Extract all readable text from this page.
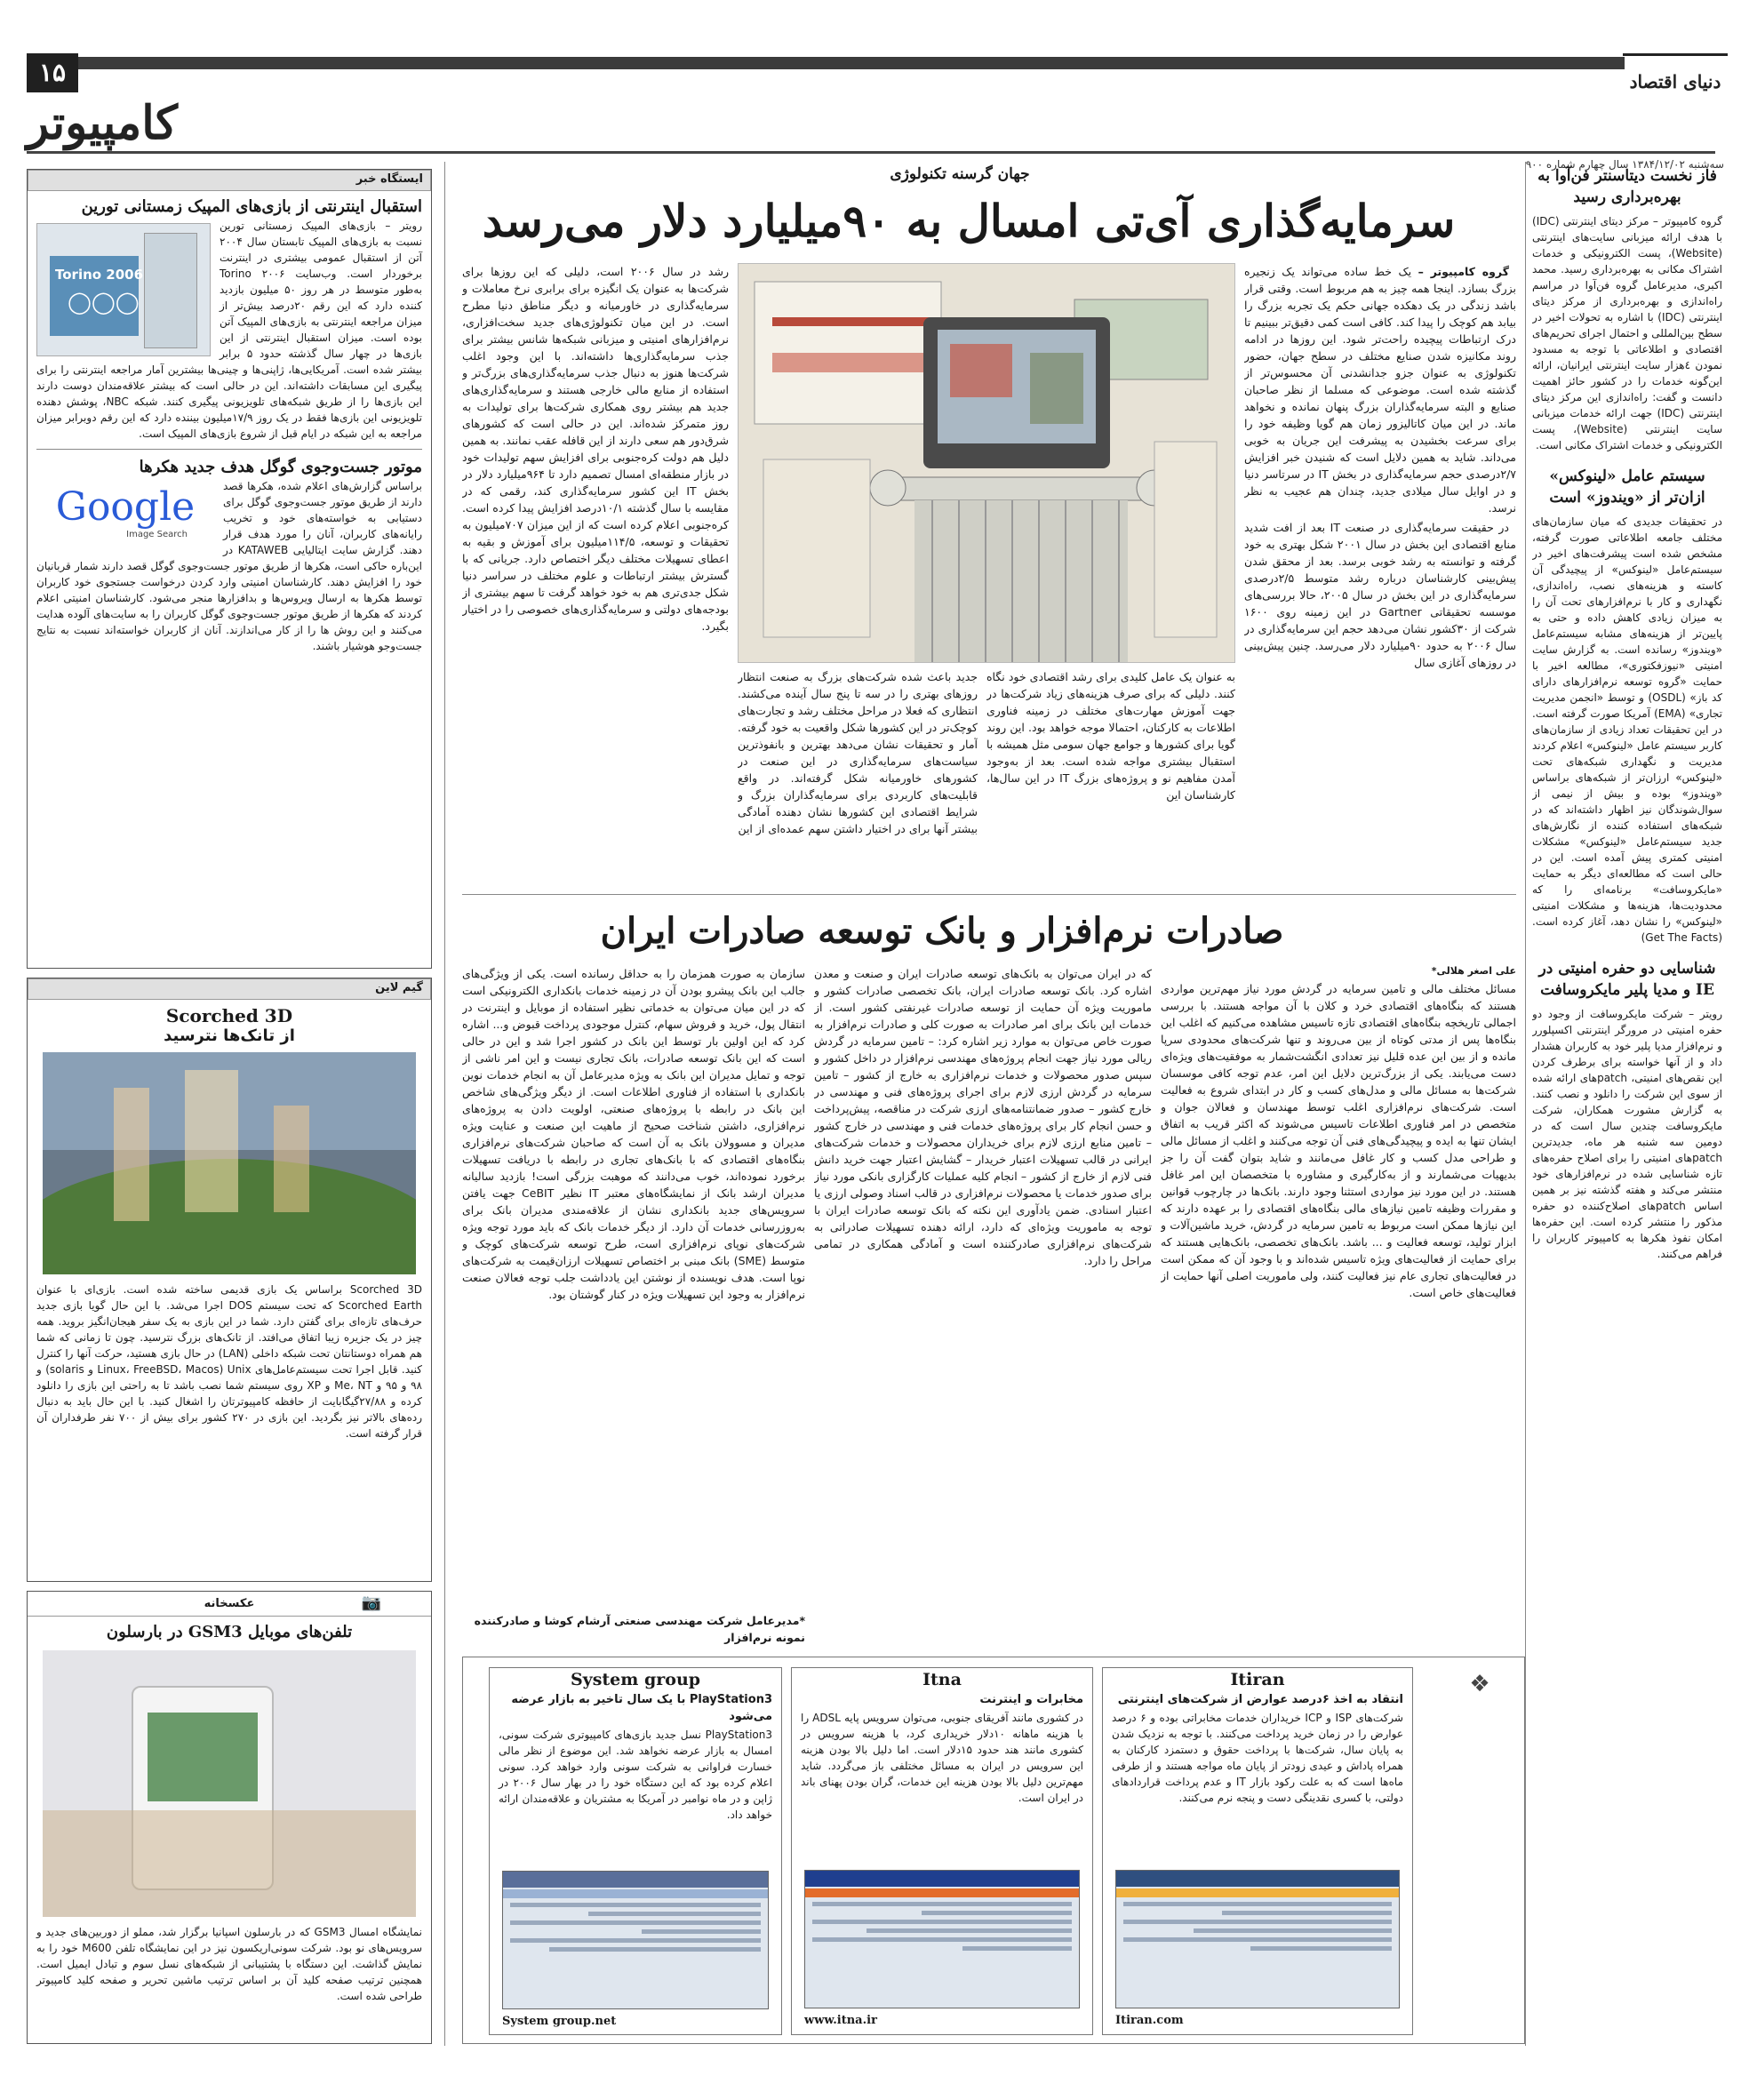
۱۵
کامپیوتر
دنیای اقتصاد
سه‌شنبه ۱۳۸۴/۱۲/۰۲ سال چهارم شماره ۹۰۰
فاز نخست دیتاسنتر فن‌آوا به بهره‌برداری رسید
گروه کامپیوتر – مرکز دیتای اینترنتی (IDC) با هدف ارائه میزبانی سایت‌های اینترنتی (Website)، پست الکترونیکی و خدمات اشتراک مکانی به بهره‌برداری رسید. محمد اکبری، مدیرعامل گروه فن‌آوا در مراسم راه‌اندازی و بهره‌برداری از مرکز دیتای اینترنتی (IDC) با اشاره به تحولات اخیر در سطح بین‌المللی و احتمال اجرای تحریم‌های اقتصادی و اطلاعاتی با توجه به مسدود نمودن ٤هزار سایت اینترنتی ایرانیان، ارائه این‌گونه خدمات را در کشور حائز اهمیت دانست و گفت: راه‌اندازی این مرکز دیتای اینترنتی (IDC) جهت ارائه خدمات میزبانی سایت اینترنتی (Website)، پست الکترونیکی و خدمات اشتراک مکانی است.
سیستم عامل «لینوکس» ازان‌تر از «ویندوز» است
در تحقیقات جدیدی که میان سازمان‌های مختلف جامعه اطلاعاتی صورت گرفته، مشخص شده است پیشرفت‌های اخیر در سیستم‌عامل «لینوکس» از پیچیدگی آن کاسته و هزینه‌های نصب، راه‌اندازی، نگهداری و کار با نرم‌افزارهای تحت آن را به میزان زیادی کاهش داده و حتی به پایین‌تر از هزینه‌های مشابه سیستم‌عامل «ویندوز» رسانده است. به گزارش سایت امنیتی «نیوزفکتوری»، مطالعه اخیر با حمایت «گروه توسعه نرم‌افزارهای دارای کد باز» (OSDL) و توسط «انجمن مدیریت تجاری» (EMA) آمریکا صورت گرفته است. در این تحقیقات تعداد زیادی از سازمان‌های کاربر سیستم عامل «لینوکس» اعلام کردند مدیریت و نگهداری شبکه‌های تحت «لینوکس» ارزان‌تر از شبکه‌های براساس «ویندوز» بوده و بیش از نیمی از سوال‌شوندگان نیز اظهار داشته‌اند که در شبکه‌های استفاده کننده از نگارش‌های جدید سیستم‌عامل «لینوکس» مشکلات امنیتی کمتری پیش آمده است. این در حالی است که مطالعه‌ای دیگر به حمایت «مایکروسافت» برنامه‌ای را که محدودیت‌ها، هزینه‌ها و مشکلات امنیتی «لینوکس» را نشان دهد، آغاز کرده است. (Get The Facts)
شناسایی دو حفره امنیتی در IE و مدیا پلیر مایکروسافت
رویتر – شرکت مایکروسافت از وجود دو حفره امنیتی در مرورگر اینترنتی اکسپلورر و نرم‌افزار مدیا پلیر خود به کاربران هشدار داد و از آنها خواسته برای برطرف کردن این نقص‌های امنیتی، patchهای ارائه شده از سوی این شرکت را دانلود و نصب کنند. به گزارش مشورت همکاران، شرکت مایکروسافت چندین سال است که در دومین سه شنبه هر ماه، جدیدترین patchهای امنیتی را برای اصلاح حفره‌های تازه شناسایی شده در نرم‌افزارهای خود منتشر می‌کند و هفته گذشته نیز بر همین اساس patchهای اصلاح‌کننده دو حفره مذکور را منتشر کرده است. این حفره‌ها امکان نفوذ هکرها به کامپیوتر کاربران را فراهم می‌کنند.
جهان گرسنه تکنولوژی
سرمایه‌گذاری آی‌تی امسال به ۹۰میلیارد دلار می‌رسد

گروه کامپیوتر – یک خط ساده می‌تواند یک زنجیره بزرگ بسازد. اینجا همه چیز به هم مربوط است. وقتی قرار باشد زندگی در یک دهکده جهانی حکم یک تجربه بزرگ را بیابد هم کوچک را پیدا کند. کافی است کمی دقیق‌تر ببینیم تا درک ارتباطات پیچیده راحت‌تر شود. این روزها در ادامه روند مکانیزه شدن صنایع مختلف در سطح جهان، حضور تکنولوژی به عنوان جزو جدانشدنی آن محسوس‌تر از گذشته شده است. موضوعی که مسلما از نظر صاحبان صنایع و البته سرمایه‌گذاران بزرگ پنهان نمانده و نخواهد ماند. در این میان کاتالیزور زمان هم گویا وظیفه خود را برای سرعت بخشیدن به پیشرفت این جریان به خوبی می‌داند. شاید به همین دلایل است که شنیدن خبر افزایش ۲/۷درصدی حجم سرمایه‌گذاری در بخش IT در سرتاسر دنیا و در اوایل سال میلادی جدید، چندان هم عجیب به نظر نرسد.

در حقیقت سرمایه‌گذاری در صنعت IT بعد از افت شدید منابع اقتصادی این بخش در سال ۲۰۰۱ شکل بهتری به خود گرفته و توانسته به رشد خوبی برسد. بعد از محقق شدن پیش‌بینی کارشناسان درباره رشد متوسط ۲/۵درصدی سرمایه‌گذاری در این بخش در سال ۲۰۰۵، حالا بررسی‌های موسسه تحقیقاتی Gartner در این زمینه روی ۱۶۰۰ شرکت از ۳۰کشور نشان می‌دهد حجم این سرمایه‌گذاری در سال ۲۰۰۶ به حدود ۹۰میلیارد دلار می‌رسد. چنین پیش‌بینی در روزهای آغازی سال

رشد در سال ۲۰۰۶ است، دلیلی که این روزها برای شرکت‌ها به عنوان یک انگیزه برای برابری نرخ معاملات و سرمایه‌گذاری در خاورمیانه و دیگر مناطق دنیا مطرح است. در این میان تکنولوژی‌های جدید سخت‌افزاری، نرم‌افزارهای امنیتی و میزبانی شبکه‌ها شانس بیشتر برای جذب سرمایه‌گذاری‌ها داشته‌اند. با این وجود اغلب شرکت‌ها هنوز به دنبال جذب سرمایه‌گذاری‌های بزرگ‌تر و استفاده از منابع مالی خارجی هستند و سرمایه‌گذاری‌های جدید هم بیشتر روی همکاری شرکت‌ها برای تولیدات به روز متمرکز شده‌اند. این در حالی است که کشورهای شرق‌دور هم سعی دارند از این قافله عقب نمانند. به همین دلیل هم دولت کره‌جنوبی برای افزایش سهم تولیدات خود در بازار منطقه‌ای امسال تصمیم دارد تا ۹۶۴میلیارد دلار در بخش IT این کشور سرمایه‌گذاری کند، رقمی که در مقایسه با سال گذشته ۱۰/۱درصد افزایش پیدا کرده است. کره‌جنوبی اعلام کرده است که از این میزان ۷۰۷میلیون به تحقیقات و توسعه، ۱۱۴/۵میلیون برای آموزش و بقیه به اعطای تسهیلات مختلف دیگر اختصاص دارد. جریانی که با گسترش بیشتر ارتباطات و علوم مختلف در سراسر دنیا شکل جدی‌تری هم به خود خواهد گرفت تا سهم بیشتری از بودجه‌های دولتی و سرمایه‌گذاری‌های خصوصی را در اختیار بگیرد.
به عنوان یک عامل کلیدی برای رشد اقتصادی خود نگاه کنند. دلیلی که برای صرف هزینه‌های زیاد شرکت‌ها در جهت آموزش مهارت‌های مختلف در زمینه فناوری اطلاعات به کارکنان، احتمالا موجه خواهد بود. این روند گویا برای کشورها و جوامع جهان سومی مثل همیشه با استقبال بیشتری مواجه شده است. بعد از به‌وجود آمدن مفاهیم نو و پروژه‌های بزرگ IT در این سال‌ها، کارشناسان این
جدید باعث شده شرکت‌های بزرگ به صنعت انتظار روزهای بهتری را در سه تا پنج سال آینده می‌کشند. انتظاری که فعلا در مراحل مختلف رشد و تجارت‌های کوچک‌تر در این کشورها شکل واقعیت به خود گرفته. آمار و تحقیقات نشان می‌دهد بهترین و بانفوذترین سیاست‌های سرمایه‌گذاری در این صنعت در کشورهای خاورمیانه شکل گرفته‌اند. در واقع قابلیت‌های کاربردی برای سرمایه‌گذاران بزرگ و شرایط اقتصادی این کشورها نشان دهنده آمادگی بیشتر آنها برای در اختیار داشتن سهم عمده‌ای از این
صادرات نرم‌افزار و بانک توسعه صادرات ایران
علی اصغر هلالی*
مسائل مختلف مالی و تامین سرمایه در گردش مورد نیاز مهم‌ترین مواردی هستند که بنگاه‌های اقتصادی خرد و کلان با آن مواجه هستند. با بررسی اجمالی تاریخچه بنگاه‌های اقتصادی تازه تاسیس مشاهده می‌کنیم که اغلب این بنگاه‌ها پس از مدتی کوتاه از بین می‌روند و تنها شرکت‌های محدودی سرپا مانده و از بین این عده قلیل نیز تعدادی انگشت‌شمار به موفقیت‌های ویژه‌ای دست می‌یابند. یکی از بزرگ‌ترین دلایل این امر، عدم توجه کافی موسسان شرکت‌ها به مسائل مالی و مدل‌های کسب و کار در ابتدای شروع به فعالیت است. شرکت‌های نرم‌افزاری اغلب توسط مهندسان و فعالان جوان و متخصص در امر فناوری اطلاعات تاسیس می‌شوند که اکثر قریب به اتفاق ایشان تنها به ایده و پیچیدگی‌های فنی آن توجه می‌کنند و اغلب از مسائل مالی و طراحی مدل کسب و کار غافل می‌مانند و شاید بتوان گفت آن را جز بدیهیات می‌شمارند و از به‌کارگیری و مشاوره با متخصصان این امر غافل هستند. در این مورد نیز مواردی استثنا وجود دارند. بانک‌ها در چارچوب قوانین و مقررات وظیفه تامین نیازهای مالی بنگاه‌های اقتصادی را بر عهده دارند که این نیازها ممکن است مربوط به تامین سرمایه در گردش، خرید ماشین‌آلات و ابزار تولید، توسعه فعالیت و ... باشد. بانک‌های تخصصی، بانک‌هایی هستند که برای حمایت از فعالیت‌های ویژه تاسیس شده‌اند و با وجود آن که ممکن است در فعالیت‌های تجاری عام نیز فعالیت کنند، ولی ماموریت اصلی آنها حمایت از فعالیت‌های خاص است.
که در ایران می‌توان به بانک‌های توسعه صادرات ایران و صنعت و معدن اشاره کرد. بانک توسعه صادرات ایران، بانک تخصصی صادرات کشور و ماموریت ویژه آن حمایت از توسعه صادرات غیرنفتی کشور است. از خدمات این بانک برای امر صادرات به صورت کلی و صادرات نرم‌افزار به صورت خاص می‌توان به موارد زیر اشاره کرد: – تامین سرمایه در گردش ریالی مورد نیاز جهت انجام پروژه‌های مهندسی نرم‌افزار در داخل کشور و سپس صدور محصولات و خدمات نرم‌افزاری به خارج از کشور – تامین سرمایه در گردش ارزی لازم برای اجرای پروژه‌های فنی و مهندسی در خارج کشور – صدور ضمانتنامه‌های ارزی شرکت در مناقصه، پیش‌پرداخت و حسن انجام کار برای پروژه‌های خدمات فنی و مهندسی در خارج کشور – تامین منابع ارزی لازم برای خریداران محصولات و خدمات شرکت‌های ایرانی در قالب تسهیلات اعتبار خریدار – گشایش اعتبار جهت خرید دانش فنی لازم از خارج از کشور – انجام کلیه عملیات کارگزاری بانکی مورد نیاز برای صدور خدمات یا محصولات نرم‌افزاری در قالب اسناد وصولی ارزی یا اعتبار اسنادی. ضمن یادآوری این نکته که بانک توسعه صادرات ایران با توجه به ماموریت ویژه‌ای که دارد، ارائه دهنده تسهیلات صادراتی به شرکت‌های نرم‌افزاری صادرکننده است و آمادگی همکاری در تمامی مراحل را دارد.
سازمان به صورت همزمان را به حداقل رسانده است. یکی از ویژگی‌های جالب این بانک پیشرو بودن آن در زمینه خدمات بانکداری الکترونیکی است که در این میان می‌توان به خدماتی نظیر استفاده از موبایل و اینترنت در انتقال پول، خرید و فروش سهام، کنترل موجودی پرداخت قبوض و... اشاره کرد که این اولین بار توسط این بانک در کشور اجرا شد و این در حالی است که این بانک توسعه صادرات، بانک تجاری نیست و این امر ناشی از توجه و تمایل مدیران این بانک به ویژه مدیرعامل آن به انجام خدمات نوین بانکداری با استفاده از فناوری اطلاعات است. از دیگر ویژگی‌های شاخص این بانک در رابطه با پروژه‌های صنعتی، اولویت دادن به پروژه‌های نرم‌افزاری، داشتن شناخت صحیح از ماهیت این صنعت و عنایت ویژه مدیران و مسوولان بانک به آن است که صاحبان شرکت‌های نرم‌افزاری بنگاه‌های اقتصادی که با بانک‌های تجاری در رابطه با دریافت تسهیلات برخورد نموده‌اند، خوب می‌دانند که موهبت بزرگی است! بازدید سالیانه مدیران ارشد بانک از نمایشگاه‌های معتبر IT نظیر CeBIT جهت یافتن سرویس‌های جدید بانکداری نشان از علاقه‌مندی مدیران بانک برای به‌روز‌رسانی خدمات آن دارد. از دیگر خدمات بانک که باید مورد توجه ویژه شرکت‌های نوپای نرم‌افزاری است، طرح توسعه شرکت‌های کوچک و متوسط (SME) بانک مبنی بر اختصاص تسهیلات ارزان‌قیمت به شرکت‌های نوپا است. هدف نویسنده از نوشتن این یادداشت جلب توجه فعالان صنعت نرم‌افزار به وجود این تسهیلات ویژه در کنار گوشتان بود.
*مدیرعامل شرکت مهندسی صنعتی آرشام کوشا و صادرکننده نمونه نرم‌افزار
❖
Itiran
انتقاد به اخذ ۶درصد عوارض از شرکت‌های اینترنتی
شرکت‌های ISP و ICP خریداران خدمات مخابراتی بوده و ۶ درصد عوارض را در زمان خرید پرداخت می‌کنند. با توجه به نزدیک شدن به پایان سال، شرکت‌ها با پرداخت حقوق و دستمزد کارکنان به همراه پاداش و عیدی زودتر از پایان ماه مواجه هستند و از طرفی ماه‌ها است که به علت رکود بازار IT و عدم پرداخت قراردادهای دولتی، با کسری نقدینگی دست و پنجه نرم می‌کنند.
Itiran.com
Itna
مخابرات و اینترنت
در کشوری مانند آفریقای جنوبی، می‌توان سرویس پایه ADSL را با هزینه ماهانه ۱۰دلار خریداری کرد، با هزینه سرویس در کشوری مانند هند حدود ۱۵دلار است. اما دلیل بالا بودن هزینه این سرویس در ایران به مسائل مختلفی باز می‌گردد. شاید مهم‌ترین دلیل بالا بودن هزینه این خدمات، گران بودن پهنای باند در ایران است.
www.itna.ir
System group
PlayStation3 با یک سال تاخیر به بازار عرضه می‌شود
PlayStation3 نسل جدید بازی‌های کامپیوتری شرکت سونی، امسال به بازار عرضه نخواهد شد. این موضوع از نظر مالی خسارت فراوانی به شرکت سونی وارد خواهد کرد. سونی اعلام کرده بود که این دستگاه خود را در بهار سال ۲۰۰۶ در ژاپن و در ماه نوامبر در آمریکا به مشتریان و علاقه‌مندان ارائه خواهد داد.
System group.net
ایستگاه خبر
استقبال اینترنتی از بازی‌های المپیک زمستانی تورین
Torino 2006
◯◯◯
رویتر – بازی‌های المپیک زمستانی تورین نسبت به بازی‌های المپیک تابستان سال ۲۰۰۴ آتن از استقبال عمومی بیشتری در اینترنت برخوردار است. وب‌سایت Torino ۲۰۰۶ به‌طور متوسط در هر روز ۵۰ میلیون بازدید کننده دارد که این رقم ۲۰درصد بیش‌تر از میزان مراجعه اینترنتی به بازی‌های المپیک آتن بوده است. میزان استقبال اینترنتی از این بازی‌ها در چهار سال گذشته حدود ۵ برابر بیشتر شده است. آمریکایی‌ها، ژاپنی‌ها و چینی‌ها بیشترین آمار مراجعه اینترنتی را برای پیگیری این مسابقات داشته‌اند. این در حالی است که بیشتر علاقه‌مندان دوست دارند این بازی‌ها را از طریق شبکه‌های تلویزیونی پیگیری کنند. شبکه NBC، پوشش دهنده تلویزیونی این بازی‌ها فقط در یک روز ۱۷/۹میلیون بیننده دارد که این رقم دوبرابر میزان مراجعه به این شبکه در ایام قبل از شروع بازی‌های المپیک است.
موتور جست‌وجوی گوگل هدف جدید هکرها
Google
Image Search
براساس گزارش‌های اعلام شده، هکرها قصد دارند از طریق موتور جست‌وجوی گوگل برای دستیابی به خواسته‌های خود و تخریب رایانه‌های کاربران، آنان را مورد هدف قرار دهند. گزارش سایت ایتالیایی KATAWEB در این‌باره حاکی است، هکرها از طریق موتور جست‌وجوی گوگل قصد دارند شمار قربانیان خود را افزایش دهند. کارشناسان امنیتی وارد کردن درخواست جستجوی خود کاربران توسط هکرها به ارسال ویروس‌ها و بدافزارها منجر می‌شود. کارشناسان امنیتی اعلام کردند که هکرها از طریق موتور جست‌وجوی گوگل کاربران را به سایت‌های آلوده هدایت می‌کنند و این روش ها را از کار می‌اندازند. آنان از کاربران خواسته‌اند نسبت به نتایج جست‌وجو هوشیار باشند.
گیم لاین
Scorched 3D
از تانک‌ها نترسید
Scorched 3D براساس یک بازی قدیمی ساخته شده است. بازی‌ای با عنوان Scorched Earth که تحت سیستم DOS اجرا می‌شد. با این حال گویا بازی جدید حرف‌های تازه‌ای برای گفتن دارد. شما در این بازی به یک سفر هیجان‌انگیز بروید. همه چیز در یک جزیره زیبا اتفاق می‌افتد. از تانک‌های بزرگ نترسید. چون تا زمانی که شما هم همراه دوستانتان تحت شبکه داخلی (LAN) در حال بازی هستید، حرکت آنها را کنترل کنید. قابل اجرا تحت سیستم‌عامل‌های Unix (Linux، FreeBSD، Macos و solaris) و ۹۸ و ۹۵ و Me، NT و XP روی سیستم شما نصب باشد تا به راحتی این بازی را دانلود کرده و ۲۷/۸۸گیگابایت از حافظه کامپیوترتان را اشغال کنید. با این حال باید به دنبال رده‌های بالاتر نیز بگردید. این بازی در ۲۷۰ کشور برای بیش از ۷۰۰ نفر طرفداران آن قرار گرفته است.
عکسخانه	📷
تلفن‌های موبایل GSM3 در بارسلون
نمایشگاه امسال GSM3 که در بارسلون اسپانیا برگزار شد، مملو از دوربین‌های جدید و سرویس‌های نو بود. شرکت سونی‌اریکسون نیز در این نمایشگاه تلفن M600 خود را به نمایش گذاشت. این دستگاه با پشتیبانی از شبکه‌های نسل سوم و تبادل ایمیل است. همچنین ترتیب صفحه کلید آن بر اساس ترتیب ماشین تحریر و صفحه کلید کامپیوتر طراحی شده است.
